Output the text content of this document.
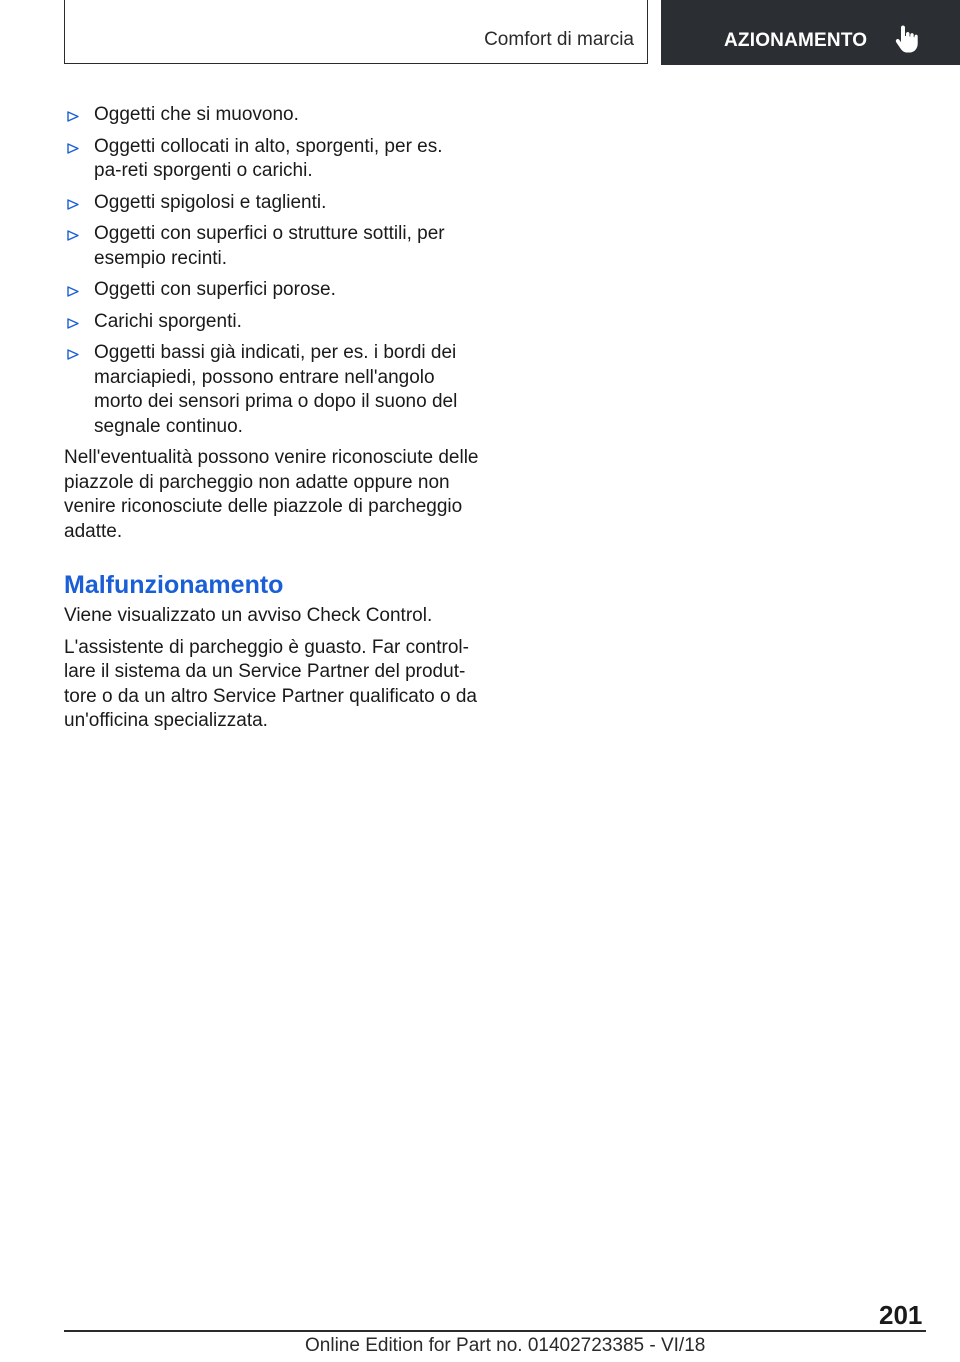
Comfort di marcia	AZIONAMENTO
Oggetti che si muovono.
Oggetti collocati in alto, sporgenti, per es. pa-reti sporgenti o carichi.
Oggetti spigolosi e taglienti.
Oggetti con superfici o strutture sottili, per esempio recinti.
Oggetti con superfici porose.
Carichi sporgenti.
Oggetti bassi già indicati, per es. i bordi dei marciapiedi, possono entrare nell'angolo morto dei sensori prima o dopo il suono del segnale continuo.

Nell'eventualità possono venire riconosciute delle piazzole di parcheggio non adatte oppure non venire riconosciute delle piazzole di parcheggio adatte.

Malfunzionamento

Viene visualizzato un avviso Check Control.

L'assistente di parcheggio è guasto. Far controllare il sistema da un Service Partner del produttore o da un altro Service Partner qualificato o da un'officina specializzata.

201
Online Edition for Part no. 01402723385 - VI/18
